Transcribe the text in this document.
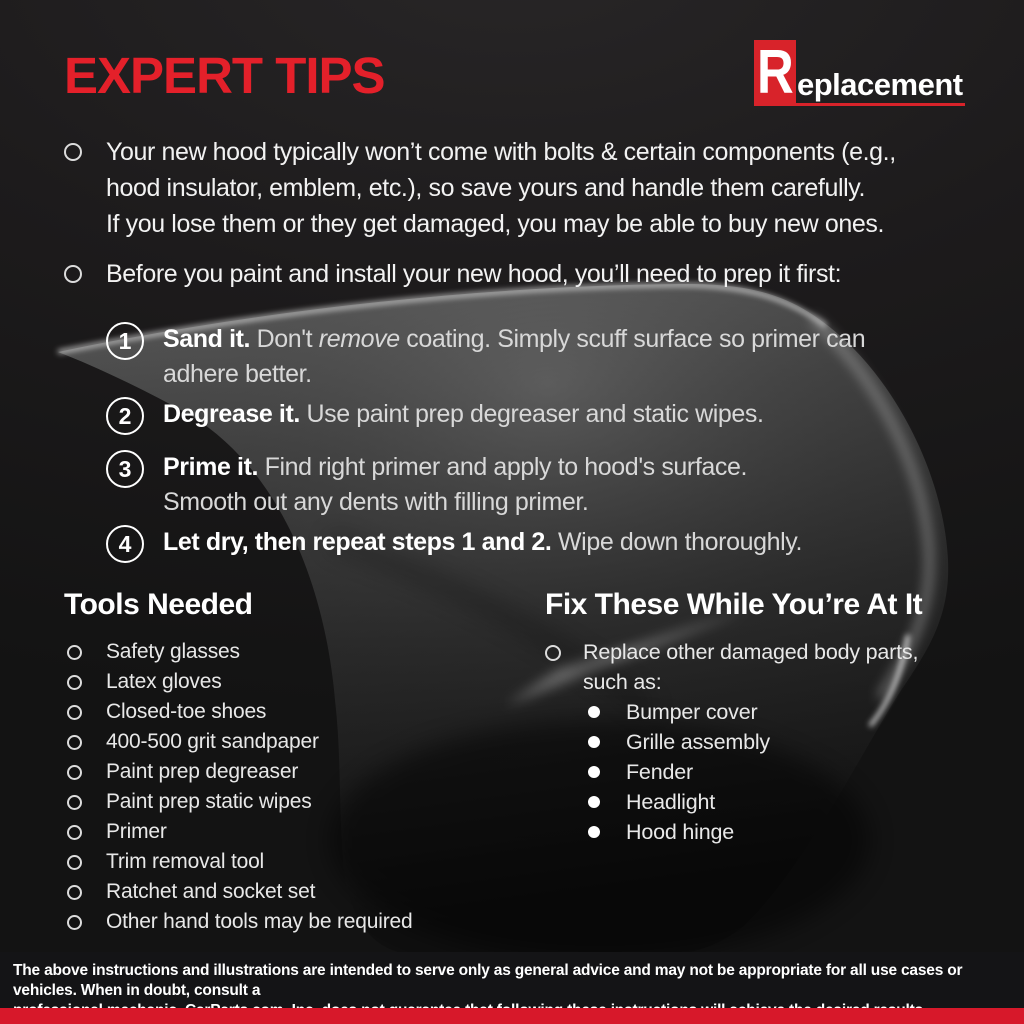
EXPERT TIPS	R eplacement
Your new hood typically won’t come with bolts & certain components (e.g.,
hood insulator, emblem, etc.), so save yours and handle them carefully.
If you lose them or they get damaged, you may be able to buy new ones.
Before you paint and install your new hood, you’ll need to prep it first:
1	Sand it. Don't remove coating. Simply scuff surface so primer can
adhere better.
2	Degrease it. Use paint prep degreaser and static wipes.
3	Prime it. Find right primer and apply to hood's surface.
Smooth out any dents with filling primer.
4	Let dry, then repeat steps 1 and 2. Wipe down thoroughly.
Tools Needed
Safety glasses
Latex gloves
Closed-toe shoes
400-500 grit sandpaper
Paint prep degreaser
Paint prep static wipes
Primer
Trim removal tool
Ratchet and socket set
Other hand tools may be required
Fix These While You’re At It
Replace other damaged body parts,
such as:
Bumper cover
Grille assembly
Fender
Headlight
Hood hinge
The above instructions and illustrations are intended to serve only as general advice and may not be appropriate for all use cases or vehicles. When in doubt, consult a
